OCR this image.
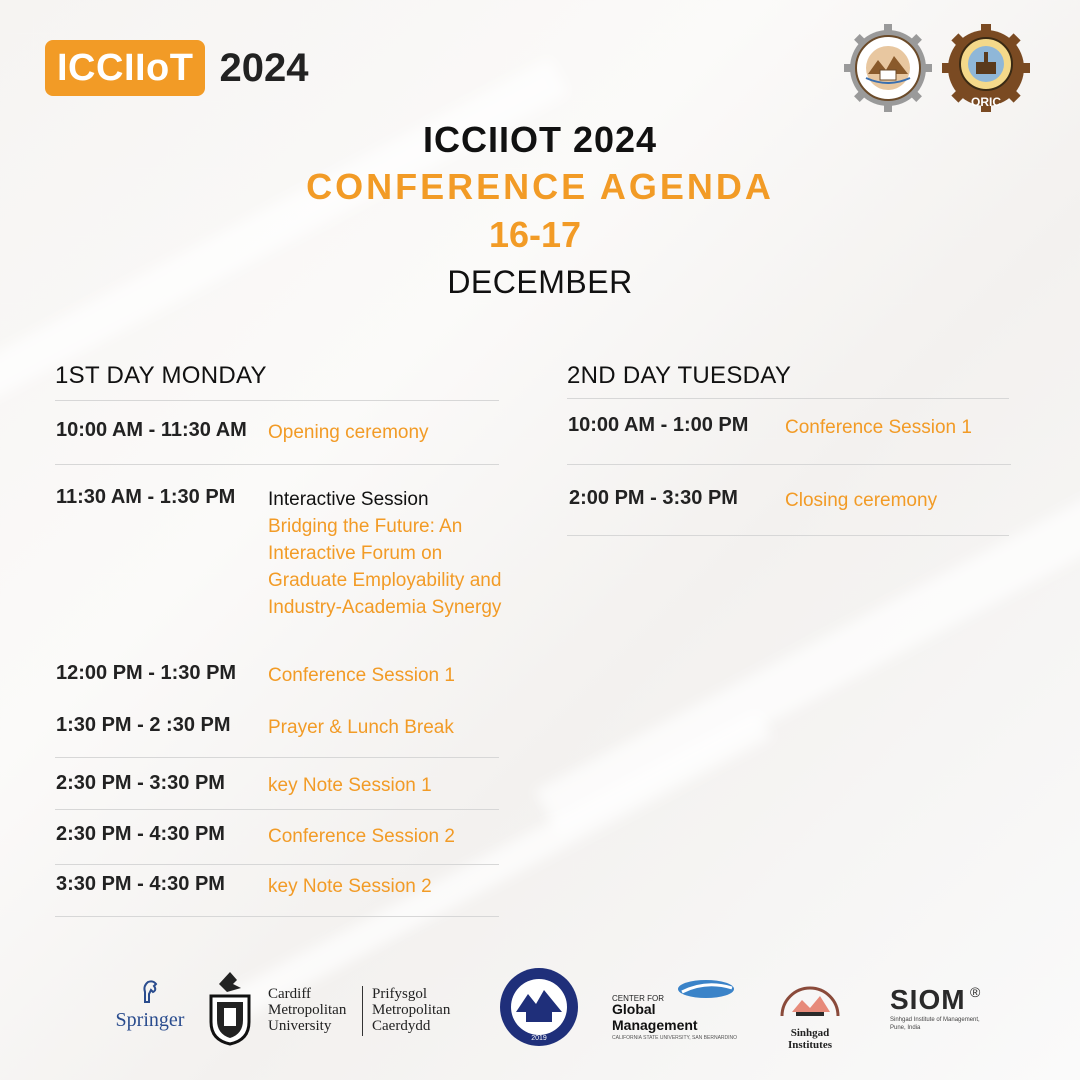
ICCIIoT 2024
ORIC
ICCIIOT 2024
CONFERENCE AGENDA
16-17
DECEMBER
1ST DAY MONDAY
10:00 AM - 11:30 AM	Opening ceremony
11:30 AM - 1:30 PM	Interactive Session
Bridging the Future: An Interactive Forum on Graduate Employability and Industry-Academia Synergy
12:00 PM - 1:30 PM	Conference Session 1
1:30 PM - 2 :30 PM	Prayer & Lunch Break
2:30 PM - 3:30 PM	key Note Session 1
2:30 PM - 4:30 PM	Conference Session 2
3:30 PM - 4:30 PM	key Note Session 2
2ND DAY TUESDAY
10:00 AM - 1:00 PM	Conference Session 1
2:00 PM - 3:30 PM	Closing ceremony
Springer
Cardiff
Metropolitan
University
Prifysgol
Metropolitan
Caerdydd
2019
CENTER FOR
Global Management
CALIFORNIA STATE UNIVERSITY, SAN BERNARDINO	Sinhgad Institutes
SIOM ®
Sinhgad Institute of Management,
Pune, India
